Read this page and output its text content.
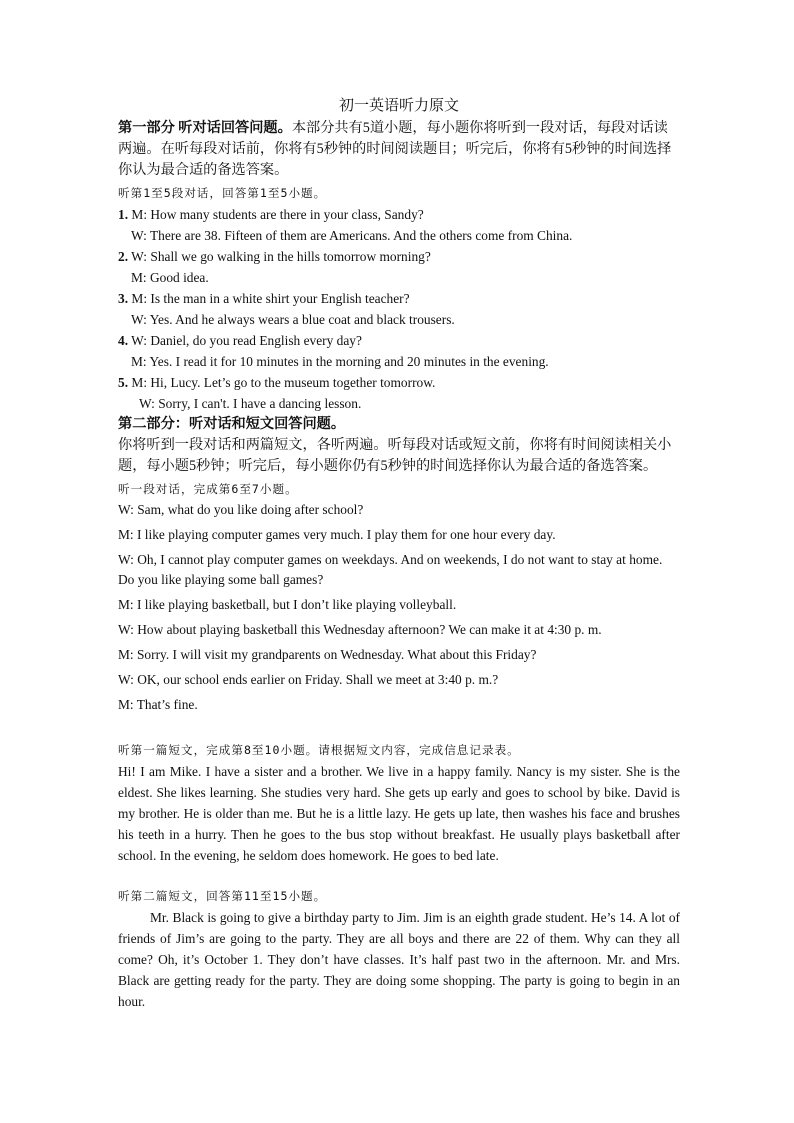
初一英语听力原文

第一部分 听对话回答问题。本部分共有5道小题，每小题你将听到一段对话，每段对话读两遍。在听每段对话前，你将有5秒钟的时间阅读题目；听完后，你将有5秒钟的时间选择你认为最合适的备选答案。

听第1至5段对话，回答第1至5小题。

1. M: How many students are there in your class, Sandy?

W: There are 38. Fifteen of them are Americans. And the others come from China.

2. W: Shall we go walking in the hills tomorrow morning?

M: Good idea.

3. M: Is the man in a white shirt your English teacher?

W: Yes. And he always wears a blue coat and black trousers.

4. W: Daniel, do you read English every day?

M: Yes. I read it for 10 minutes in the morning and 20 minutes in the evening.

5. M: Hi, Lucy. Let’s go to the museum together tomorrow.

W: Sorry, I can't. I have a dancing lesson.

第二部分：听对话和短文回答问题。

你将听到一段对话和两篇短文，各听两遍。听每段对话或短文前，你将有时间阅读相关小题，每小题5秒钟；听完后，每小题你仍有5秒钟的时间选择你认为最合适的备选答案。

听一段对话，完成第6至7小题。

W: Sam, what do you like doing after school?

M: I like playing computer games very much. I play them for one hour every day.

W: Oh, I cannot play computer games on weekdays. And on weekends, I do not want to stay at home. Do you like playing some ball games?

M: I like playing basketball, but I don’t like playing volleyball.

W: How about playing basketball this Wednesday afternoon? We can make it at 4:30 p. m.

M: Sorry. I will visit my grandparents on Wednesday. What about this Friday?

W: OK, our school ends earlier on Friday. Shall we meet at 3:40 p. m.?

M: That’s fine.

听第一篇短文，完成第8至10小题。请根据短文内容，完成信息记录表。

Hi! I am Mike. I have a sister and a brother. We live in a happy family. Nancy is my sister. She is the eldest. She likes learning. She studies very hard. She gets up early and goes to school by bike. David is my brother. He is older than me. But he is a little lazy. He gets up late, then washes his face and brushes his teeth in a hurry. Then he goes to the bus stop without breakfast. He usually plays basketball after school. In the evening, he seldom does homework. He goes to bed late.

听第二篇短文，回答第11至15小题。

Mr. Black is going to give a birthday party to Jim. Jim is an eighth grade student. He’s 14. A lot of friends of Jim’s are going to the party. They are all boys and there are 22 of them. Why can they all come? Oh, it’s October 1. They don’t have classes. It’s half past two in the afternoon. Mr. and Mrs. Black are getting ready for the party. They are doing some shopping. The party is going to begin in an hour.
